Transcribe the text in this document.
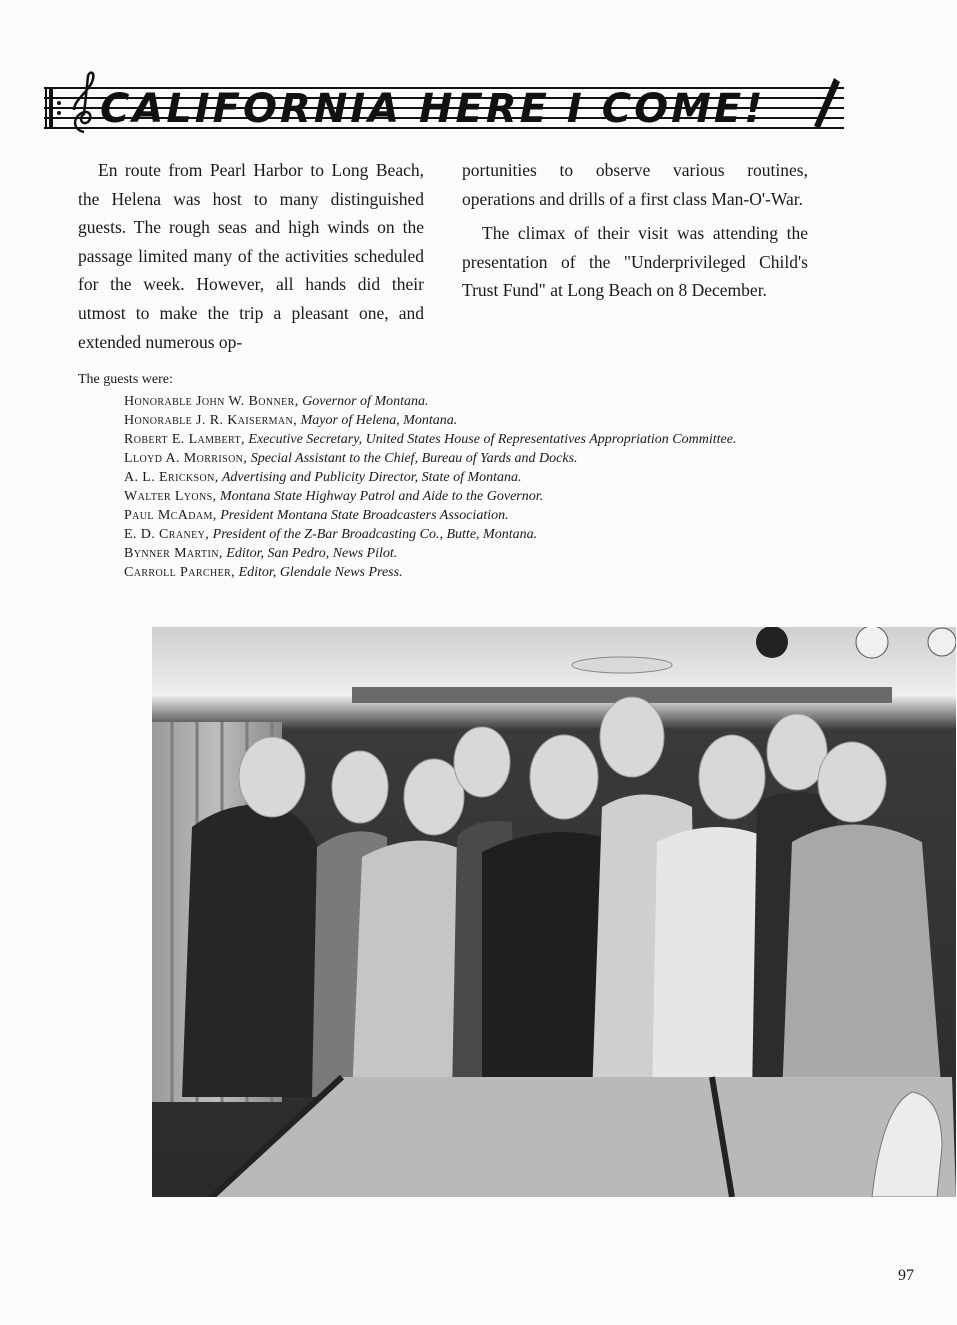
CALIFORNIA HERE I COME!

En route from Pearl Harbor to Long Beach, the Helena was host to many distinguished guests. The rough seas and high winds on the passage limited many of the activities scheduled for the week. However, all hands did their utmost to make the trip a pleasant one, and extended numerous op-

portunities to observe various routines, operations and drills of a first class Man-O'-War.

The climax of their visit was attending the presentation of the "Underprivileged Child's Trust Fund" at Long Beach on 8 December.

The guests were:

Honorable John W. Bonner, Governor of Montana.
Honorable J. R. Kaiserman, Mayor of Helena, Montana.
Robert E. Lambert, Executive Secretary, United States House of Representatives Appropriation Committee.
Lloyd A. Morrison, Special Assistant to the Chief, Bureau of Yards and Docks.
A. L. Erickson, Advertising and Publicity Director, State of Montana.
Walter Lyons, Montana State Highway Patrol and Aide to the Governor.
Paul McAdam, President Montana State Broadcasters Association.
E. D. Craney, President of the Z-Bar Broadcasting Co., Butte, Montana.
Bynner Martin, Editor, San Pedro, News Pilot.
Carroll Parcher, Editor, Glendale News Press.
97
